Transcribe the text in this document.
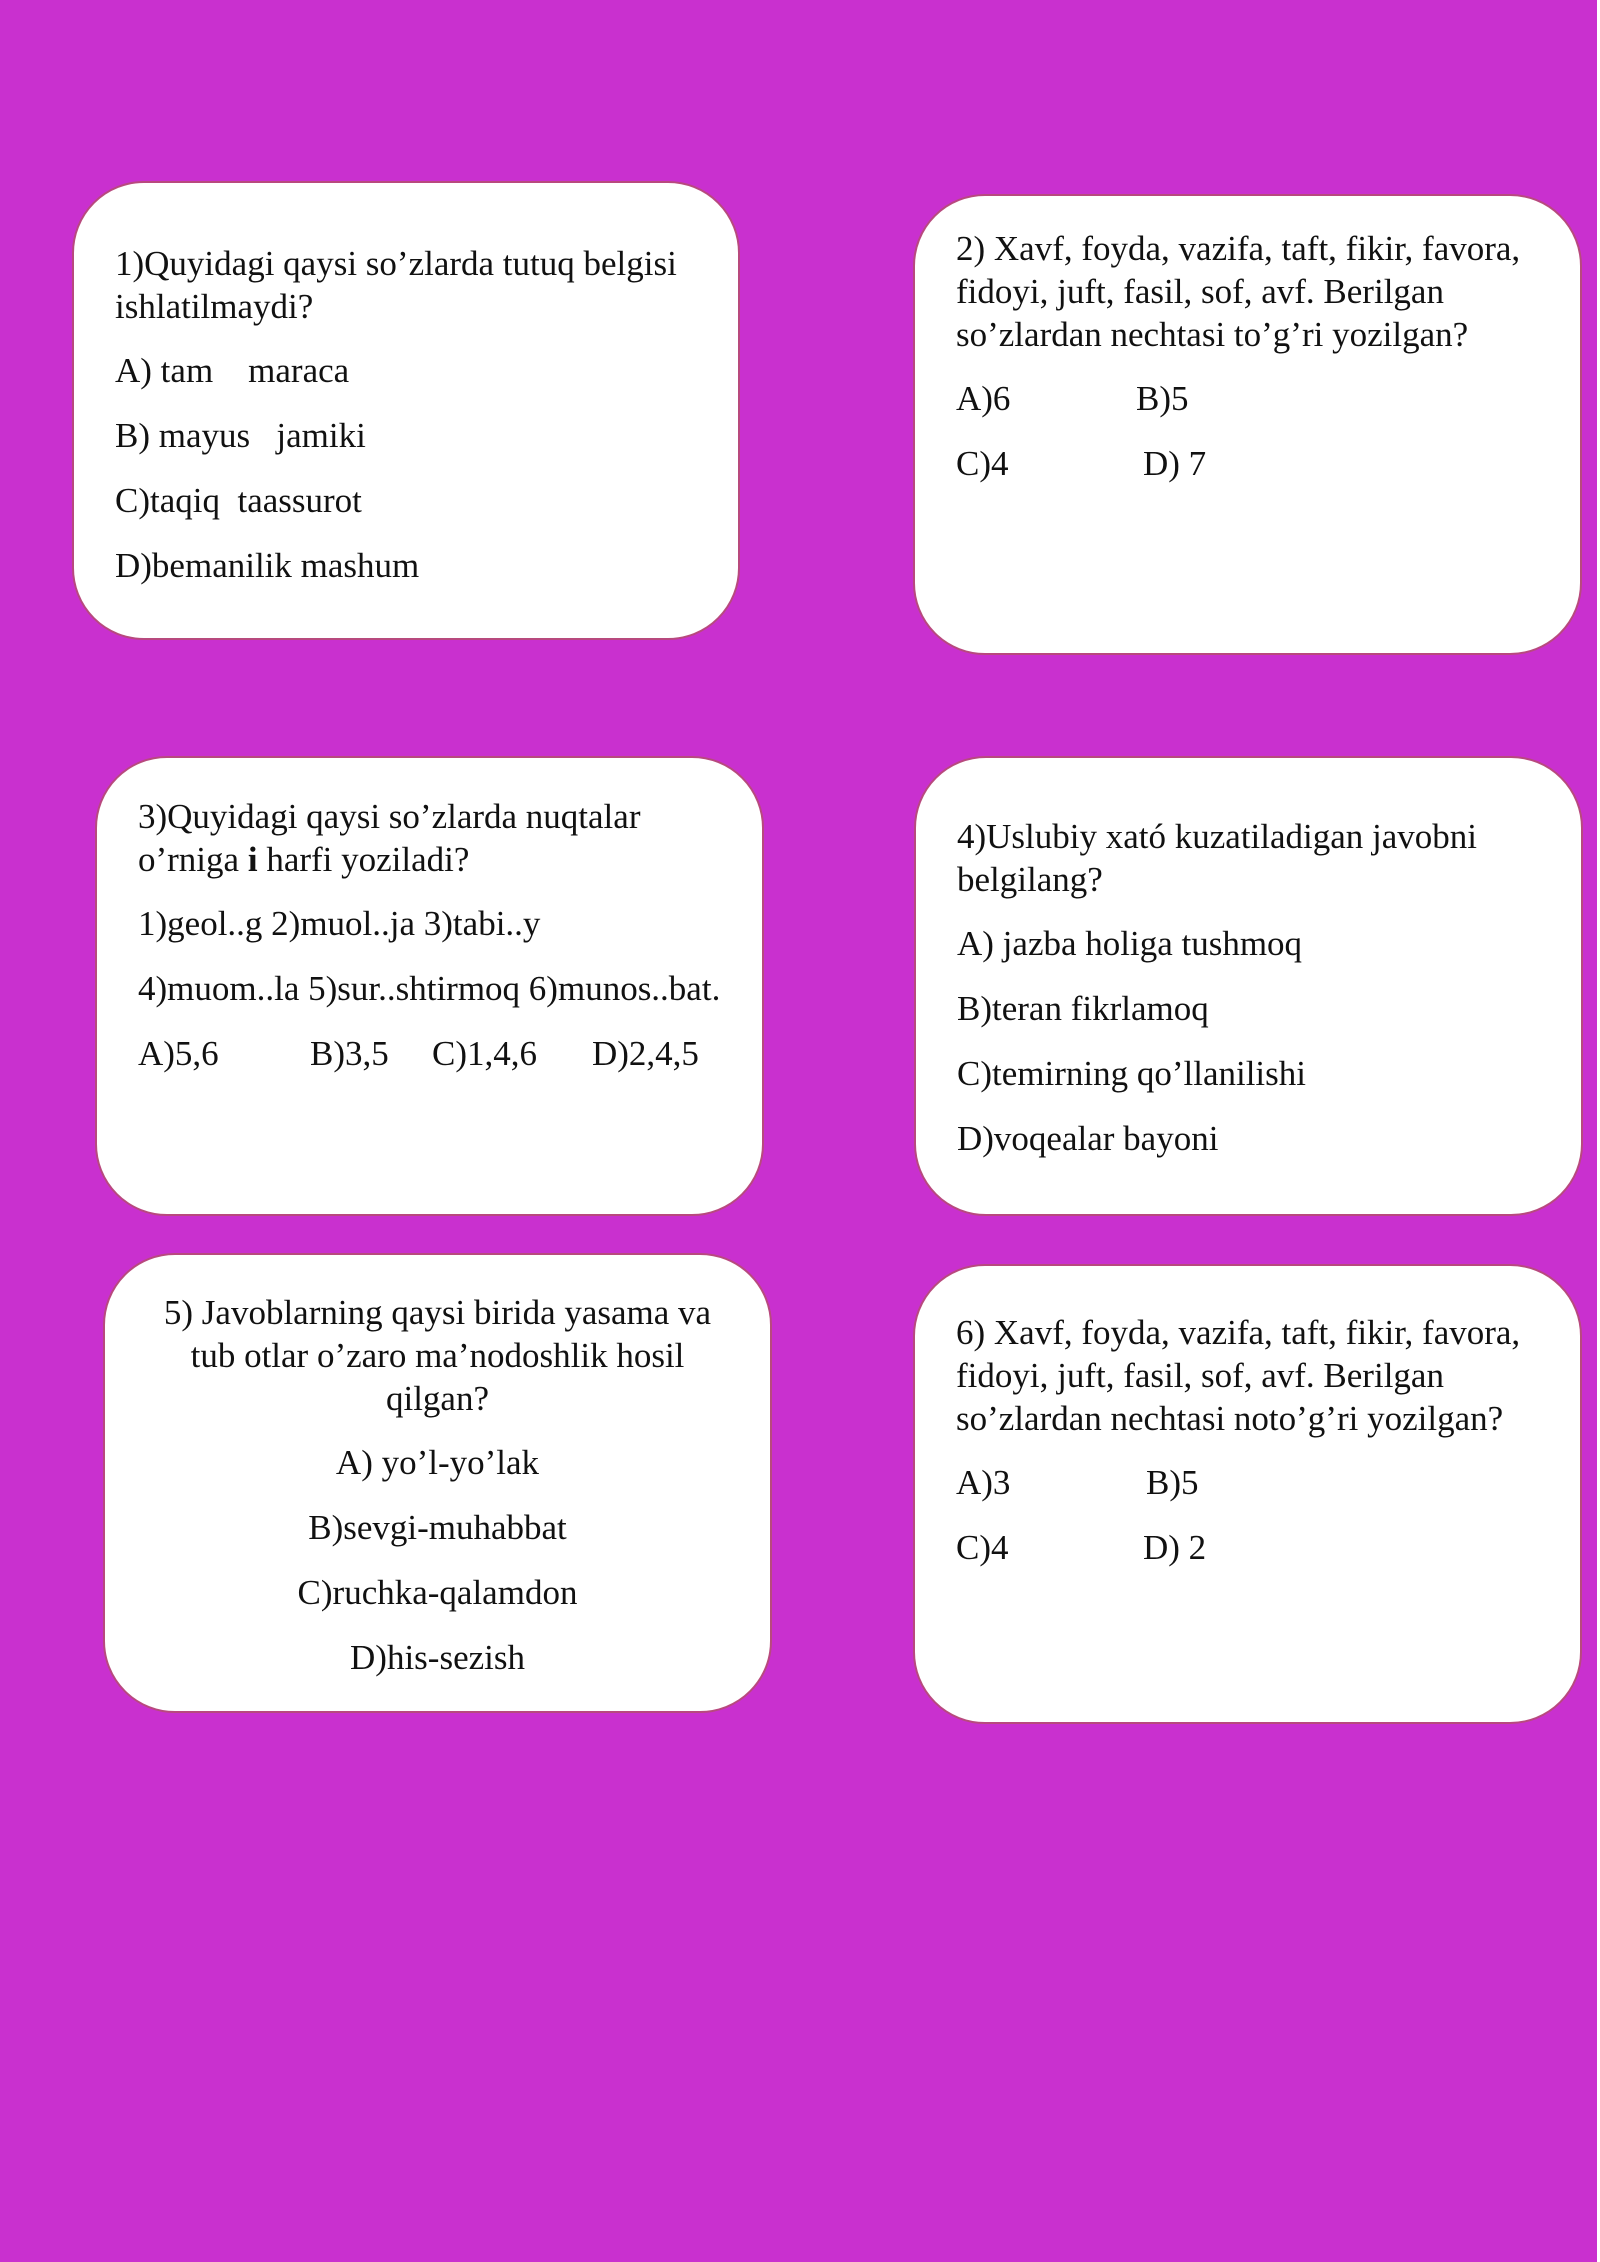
1)Quyidagi qaysi so’zlarda tutuq belgisi ishlatilmaydi?

A) tam    maraca

B) mayus   jamiki

C)taqiq  taassurot

D)bemanilik mashum

2) Xavf, foyda, vazifa, taft, fikir, favora, fidoyi, juft, fasil, sof, avf. Berilgan so’zlardan nechtasi to’g’ri yozilgan?

A)6	B)5

C)4	D) 7

3)Quyidagi qaysi so’zlarda nuqtalar o’rniga i harfi yoziladi?

1)geol..g 2)muol..ja 3)tabi..y

4)muom..la 5)sur..shtirmoq 6)munos..bat.

A)5,6	B)3,5	C)1,4,6	D)2,4,5

4)Uslubiy xató kuzatiladigan javobni belgilang?

A) jazba holiga tushmoq

B)teran fikrlamoq

C)temirning qo’llanilishi

D)voqealar bayoni

5) Javoblarning qaysi birida yasama va tub otlar o’zaro ma’nodoshlik hosil qilgan?

A) yo’l-yo’lak

B)sevgi-muhabbat

C)ruchka-qalamdon

D)his-sezish

6) Xavf, foyda, vazifa, taft, fikir, favora, fidoyi, juft, fasil, sof, avf. Berilgan so’zlardan nechtasi noto’g’ri yozilgan?

A)3	B)5

C)4	D) 2
